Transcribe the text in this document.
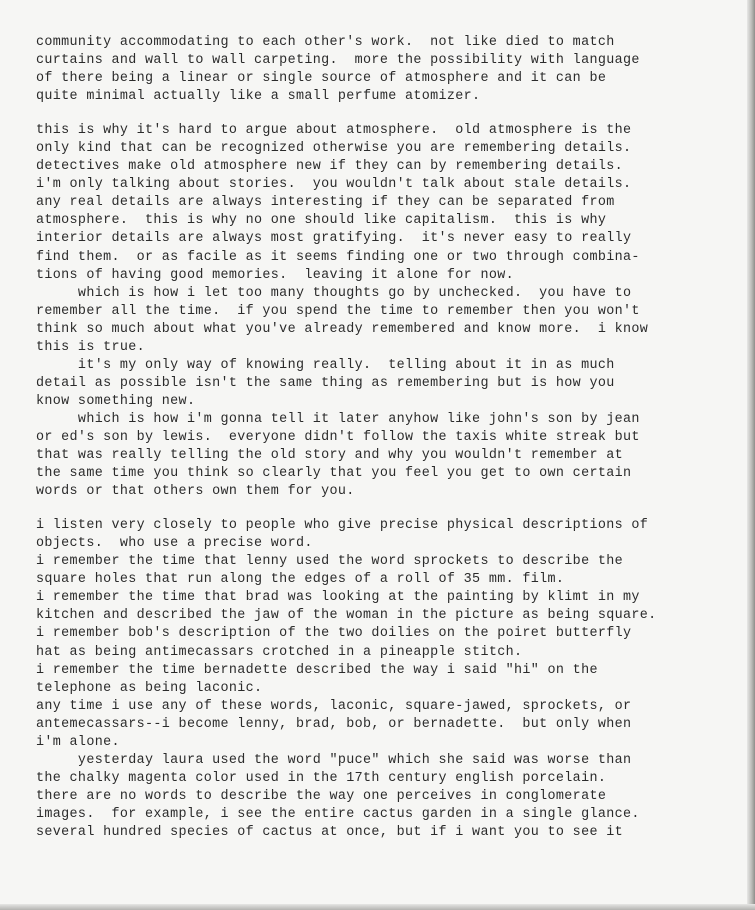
community accommodating to each other's work.  not like died to match
curtains and wall to wall carpeting.  more the possibility with language
of there being a linear or single source of atmosphere and it can be
quite minimal actually like a small perfume atomizer.
this is why it's hard to argue about atmosphere.  old atmosphere is the
only kind that can be recognized otherwise you are remembering details.
detectives make old atmosphere new if they can by remembering details.
i'm only talking about stories.  you wouldn't talk about stale details.
any real details are always interesting if they can be separated from
atmosphere.  this is why no one should like capitalism.  this is why
interior details are always most gratifying.  it's never easy to really
find them.  or as facile as it seems finding one or two through combina-
tions of having good memories.  leaving it alone for now.
which is how i let too many thoughts go by unchecked.  you have to
remember all the time.  if you spend the time to remember then you won't
think so much about what you've already remembered and know more.  i know
this is true.
it's my only way of knowing really.  telling about it in as much
detail as possible isn't the same thing as remembering but is how you
know something new.
which is how i'm gonna tell it later anyhow like john's son by jean
or ed's son by lewis.  everyone didn't follow the taxis white streak but
that was really telling the old story and why you wouldn't remember at
the same time you think so clearly that you feel you get to own certain
words or that others own them for you.
i listen very closely to people who give precise physical descriptions of
objects.  who use a precise word.
i remember the time that lenny used the word sprockets to describe the
square holes that run along the edges of a roll of 35 mm. film.
i remember the time that brad was looking at the painting by klimt in my
kitchen and described the jaw of the woman in the picture as being square.
i remember bob's description of the two doilies on the poiret butterfly
hat as being antimecassars crotched in a pineapple stitch.
i remember the time bernadette described the way i said "hi" on the
telephone as being laconic.
any time i use any of these words, laconic, square-jawed, sprockets, or
antemecassars--i become lenny, brad, bob, or bernadette.  but only when
i'm alone.
yesterday laura used the word "puce" which she said was worse than
the chalky magenta color used in the 17th century english porcelain.
there are no words to describe the way one perceives in conglomerate
images.  for example, i see the entire cactus garden in a single glance.
several hundred species of cactus at once, but if i want you to see it
